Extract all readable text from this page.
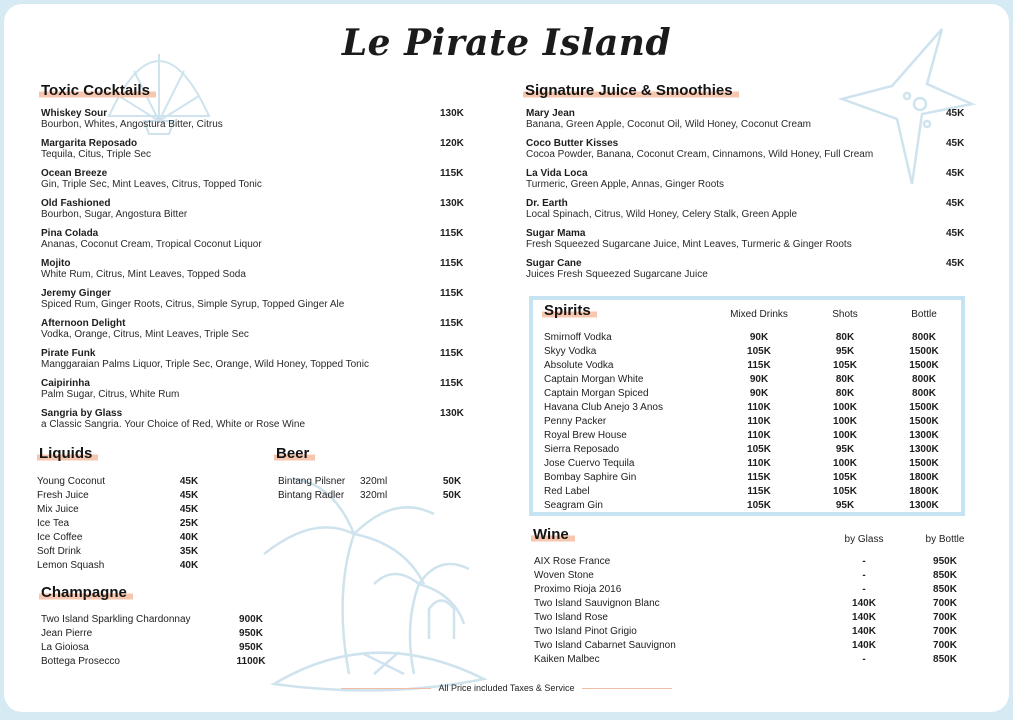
Le Pirate Island
Toxic Cocktails
Whiskey Sour
Bourbon, Whites, Angostura Bitter, Citrus
130K
Margarita Reposado
Tequila, Citus, Triple Sec
120K
Ocean Breeze
Gin, Triple Sec, Mint Leaves, Citrus, Topped Tonic
115K
Old Fashioned
Bourbon, Sugar, Angostura Bitter
130K
Pina Colada
Ananas, Coconut Cream, Tropical Coconut Liquor
115K
Mojito
White Rum, Citrus, Mint Leaves, Topped Soda
115K
Jeremy Ginger
Spiced Rum, Ginger Roots, Citrus, Simple Syrup, Topped Ginger Ale
115K
Afternoon Delight
Vodka, Orange, Citrus, Mint Leaves, Triple Sec
115K
Pirate Funk
Manggaraian Palms Liquor, Triple Sec, Orange, Wild Honey, Topped Tonic
115K
Caipirinha
Palm Sugar, Citrus, White Rum
115K
Sangria by Glass
a Classic Sangria. Your Choice of Red, White or Rose Wine
130K
Liquids
Young Coconut	45K
Fresh Juice	45K
Mix Juice	45K
Ice Tea	25K
Ice Coffee	40K
Soft Drink	35K
Lemon Squash	40K
Beer
Bintang Pilsner 320ml	50K
Bintang Radler 320ml	50K
Champagne
Two Island Sparkling Chardonnay	900K
Jean Pierre	950K
La Gioiosa	950K
Bottega Prosecco	1100K
Signature Juice & Smoothies
Mary Jean
Banana, Green Apple, Coconut Oil, Wild Honey, Coconut Cream
45K
Coco Butter Kisses
Cocoa Powder, Banana, Coconut Cream, Cinnamons, Wild Honey, Full Cream
45K
La Vida Loca
Turmeric, Green Apple, Annas, Ginger Roots
45K
Dr. Earth
Local Spinach, Citrus, Wild Honey, Celery Stalk, Green Apple
45K
Sugar Mama
Fresh Squeezed Sugarcane Juice, Mint Leaves, Turmeric & Ginger Roots
45K
Sugar Cane
Juices Fresh Squeezed Sugarcane Juice
45K
Spirits	Mixed Drinks	Shots	Bottle
Smirnoff Vodka	90K	80K	800K
Skyy Vodka	105K	95K	1500K
Absolute Vodka	115K	105K	1500K
Captain Morgan White	90K	80K	800K
Captain Morgan Spiced	90K	80K	800K
Havana Club Anejo 3 Anos	110K	100K	1500K
Penny Packer	110K	100K	1500K
Royal Brew House	110K	100K	1300K
Sierra Reposado	105K	95K	1300K
Jose Cuervo Tequila	110K	100K	1500K
Bombay Saphire Gin	115K	105K	1800K
Red Label	115K	105K	1800K
Seagram Gin	105K	95K	1300K
Wine	by Glass	by Bottle
AIX Rose France	-	950K
Woven Stone	-	850K
Proximo Rioja 2016	-	850K
Two Island Sauvignon Blanc	140K	700K
Two Island Rose	140K	700K
Two Island Pinot Grigio	140K	700K
Two Island Cabarnet Sauvignon	140K	700K
Kaiken Malbec	-	850K
All Price included Taxes & Service
